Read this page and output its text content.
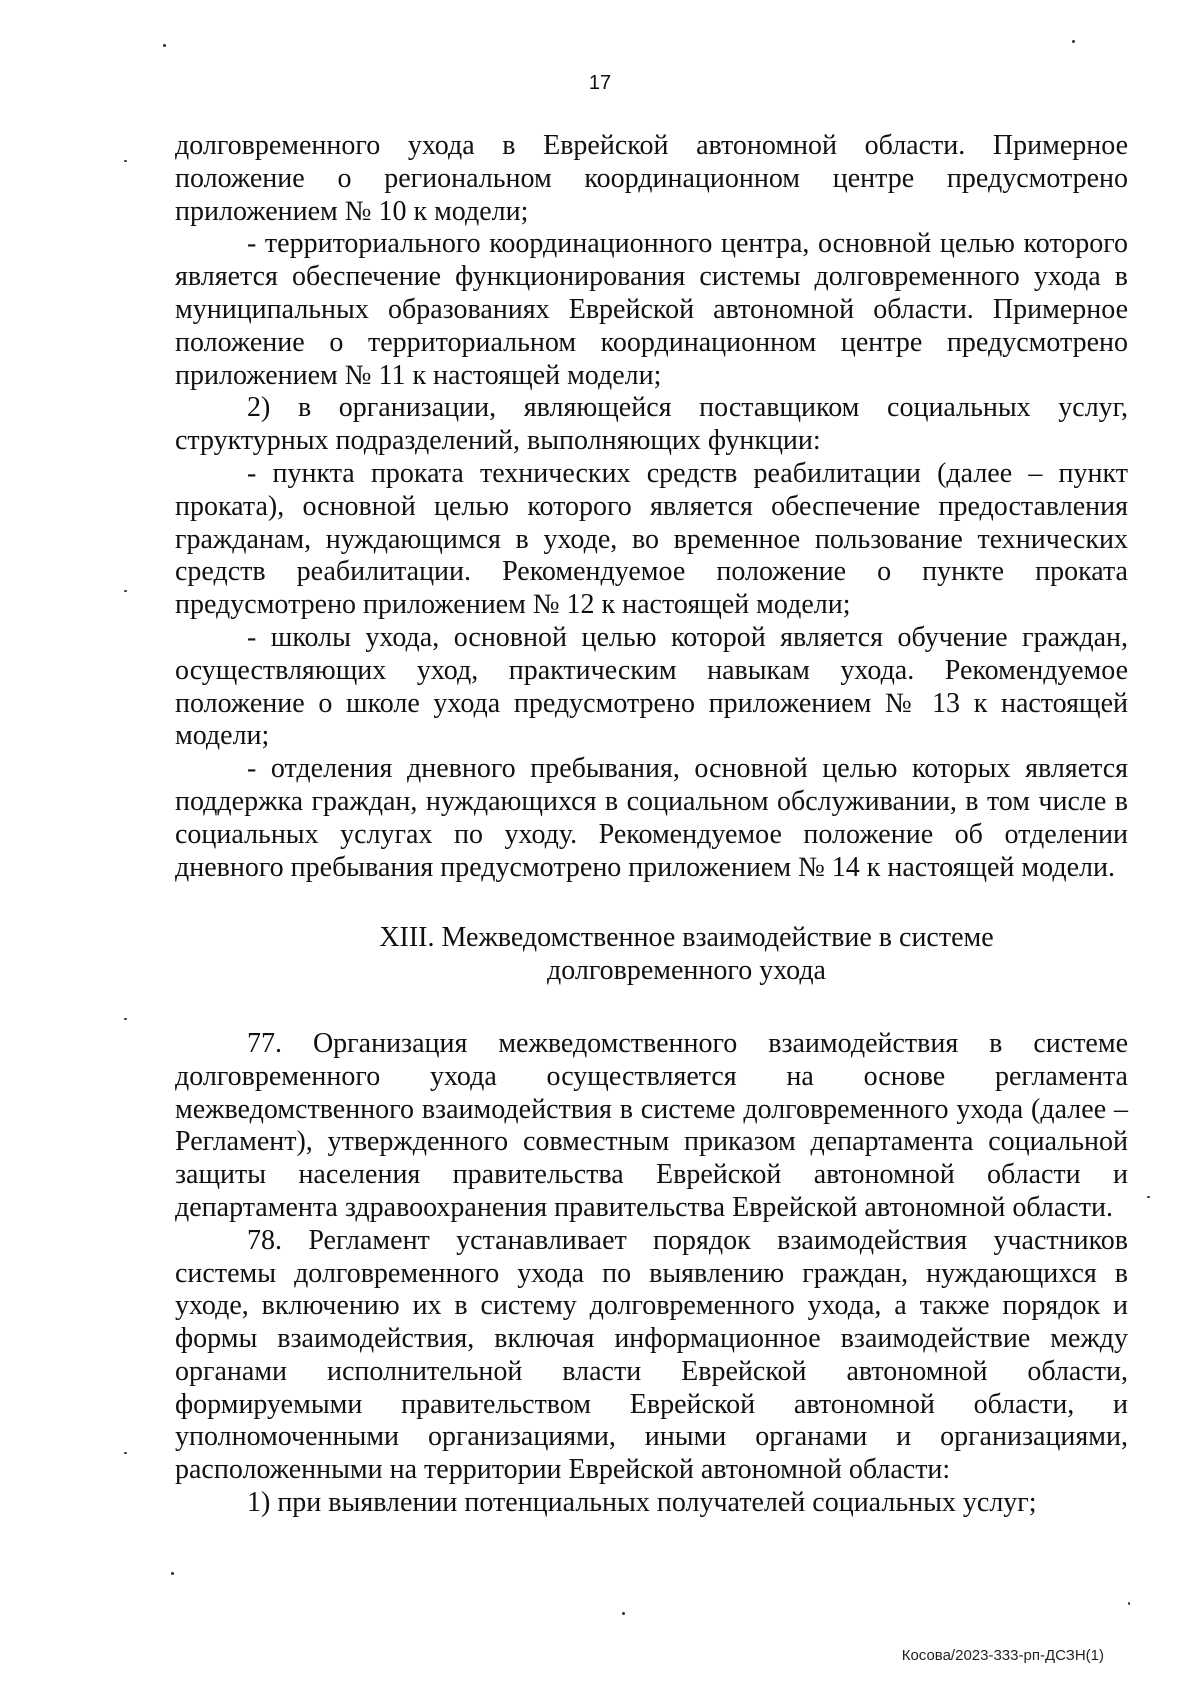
17

долговременного ухода в Еврейской автономной области. Примерное положение о региональном координационном центре предусмотрено приложением № 10 к модели;

- территориального координационного центра, основной целью которого является обеспечение функционирования системы долговременного ухода в муниципальных образованиях Еврейской автономной области. Примерное положение о территориальном координационном центре предусмотрено приложением № 11 к настоящей модели;

2) в организации, являющейся поставщиком социальных услуг, структурных подразделений, выполняющих функции:

- пункта проката технических средств реабилитации (далее – пункт проката), основной целью которого является обеспечение предоставления гражданам, нуждающимся в уходе, во временное пользование технических средств реабилитации. Рекомендуемое положение о пункте проката предусмотрено приложением № 12 к настоящей модели;

- школы ухода, основной целью которой является обучение граждан, осуществляющих уход, практическим навыкам ухода. Рекомендуемое положение о школе ухода предусмотрено приложением № 13 к настоящей модели;

- отделения дневного пребывания, основной целью которых является поддержка граждан, нуждающихся в социальном обслуживании, в том числе в социальных услугах по уходу. Рекомендуемое положение об отделении дневного пребывания предусмотрено приложением № 14 к настоящей модели.

XIII. Межведомственное взаимодействие в системе
долговременного ухода

77. Организация межведомственного взаимодействия в системе долговременного ухода осуществляется на основе регламента межведомственного взаимодействия в системе долговременного ухода (далее – Регламент), утвержденного совместным приказом департамента социальной защиты населения правительства Еврейской автономной области и департамента здравоохранения правительства Еврейской автономной области.

78. Регламент устанавливает порядок взаимодействия участников системы долговременного ухода по выявлению граждан, нуждающихся в уходе, включению их в систему долговременного ухода, а также порядок и формы взаимодействия, включая информационное взаимодействие между органами исполнительной власти Еврейской автономной области, формируемыми правительством Еврейской автономной области, и уполномоченными организациями, иными органами и организациями, расположенными на территории Еврейской автономной области:

1) при выявлении потенциальных получателей социальных услуг;

Косова/2023-333-рп-ДСЗН(1)
